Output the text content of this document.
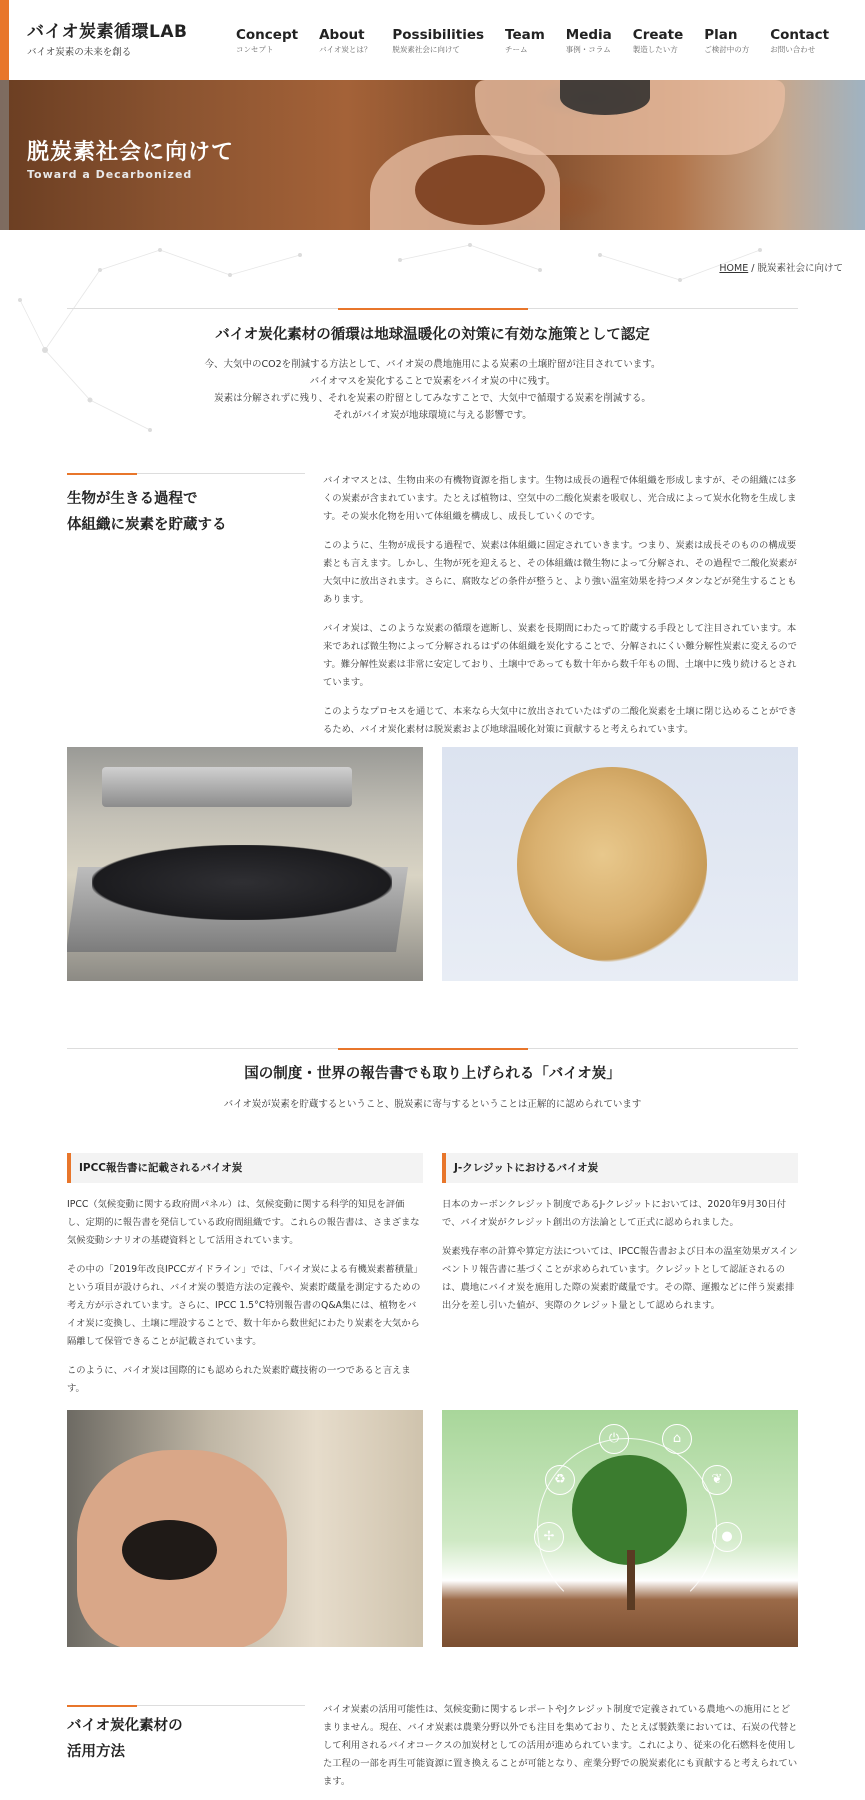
バイオ炭素循環LAB
バイオ炭素の未来を創る
Concept
コンセプト
About
バイオ炭とは？
Possibilities
脱炭素社会に向けて
Team
チーム
Media
事例・コラム
Create
製造したい方
Plan
ご検討中の方
Contact
お問い合わせ
脱炭素社会に向けて
Toward a Decarbonized
HOME / 脱炭素社会に向けて
バイオ炭化素材の循環は地球温暖化の対策に有効な施策として認定

今、大気中のCO2を削減する方法として、バイオ炭の農地施用による炭素の土壌貯留が注目されています。

バイオマスを炭化することで炭素をバイオ炭の中に残す。

炭素は分解されずに残り、それを炭素の貯留としてみなすことで、大気中で循環する炭素を削減する。

それがバイオ炭が地球環境に与える影響です。

生物が生きる過程で
体組織に炭素を貯蔵する

バイオマスとは、生物由来の有機物資源を指します。生物は成長の過程で体組織を形成しますが、その組織には多くの炭素が含まれています。たとえば植物は、空気中の二酸化炭素を吸収し、光合成によって炭水化物を生成します。その炭水化物を用いて体組織を構成し、成長していくのです。

このように、生物が成長する過程で、炭素は体組織に固定されていきます。つまり、炭素は成長そのものの構成要素とも言えます。しかし、生物が死を迎えると、その体組織は微生物によって分解され、その過程で二酸化炭素が大気中に放出されます。さらに、腐敗などの条件が整うと、より強い温室効果を持つメタンなどが発生することもあります。

バイオ炭は、このような炭素の循環を遮断し、炭素を長期間にわたって貯蔵する手段として注目されています。本来であれば微生物によって分解されるはずの体組織を炭化することで、分解されにくい難分解性炭素に変えるのです。難分解性炭素は非常に安定しており、土壌中であっても数十年から数千年もの間、土壌中に残り続けるとされています。

このようなプロセスを通じて、本来なら大気中に放出されていたはずの二酸化炭素を土壌に閉じ込めることができるため、バイオ炭化素材は脱炭素および地球温暖化対策に貢献すると考えられています。

国の制度・世界の報告書でも取り上げられる「バイオ炭」
バイオ炭が炭素を貯蔵するということ、脱炭素に寄与するということは正解的に認められています
IPCC報告書に記載されるバイオ炭

IPCC（気候変動に関する政府間パネル）は、気候変動に関する科学的知見を評価し、定期的に報告書を発信している政府間組織です。これらの報告書は、さまざまな気候変動シナリオの基礎資料として活用されています。

その中の「2019年改良IPCCガイドライン」では、「バイオ炭による有機炭素蓄積量」という項目が設けられ、バイオ炭の製造方法の定義や、炭素貯蔵量を測定するための考え方が示されています。さらに、IPCC 1.5°C特別報告書のQ&A集には、植物をバイオ炭に変換し、土壌に埋設することで、数十年から数世紀にわたり炭素を大気から隔離して保管できることが記載されています。

このように、バイオ炭は国際的にも認められた炭素貯蔵技術の一つであると言えます。

J-クレジットにおけるバイオ炭

日本のカーボンクレジット制度であるJ-クレジットにおいては、2020年9月30日付で、バイオ炭がクレジット創出の方法論として正式に認められました。

炭素残存率の計算や算定方法については、IPCC報告書および日本の温室効果ガスインベントリ報告書に基づくことが求められています。クレジットとして認証されるのは、農地にバイオ炭を施用した際の炭素貯蔵量です。その際、運搬などに伴う炭素排出分を差し引いた値が、実際のクレジット量として認められます。

⏻	⌂
❦
●
♻
✢
バイオ炭化素材の
活用方法

バイオ炭素の活用可能性は、気候変動に関するレポートやJクレジット制度で定義されている農地への施用にとどまりません。現在、バイオ炭素は農業分野以外でも注目を集めており、たとえば製鉄業においては、石炭の代替として利用されるバイオコークスの加炭材としての活用が進められています。これにより、従来の化石燃料を使用した工程の一部を再生可能資源に置き換えることが可能となり、産業分野での脱炭素化にも貢献すると考えられています。
